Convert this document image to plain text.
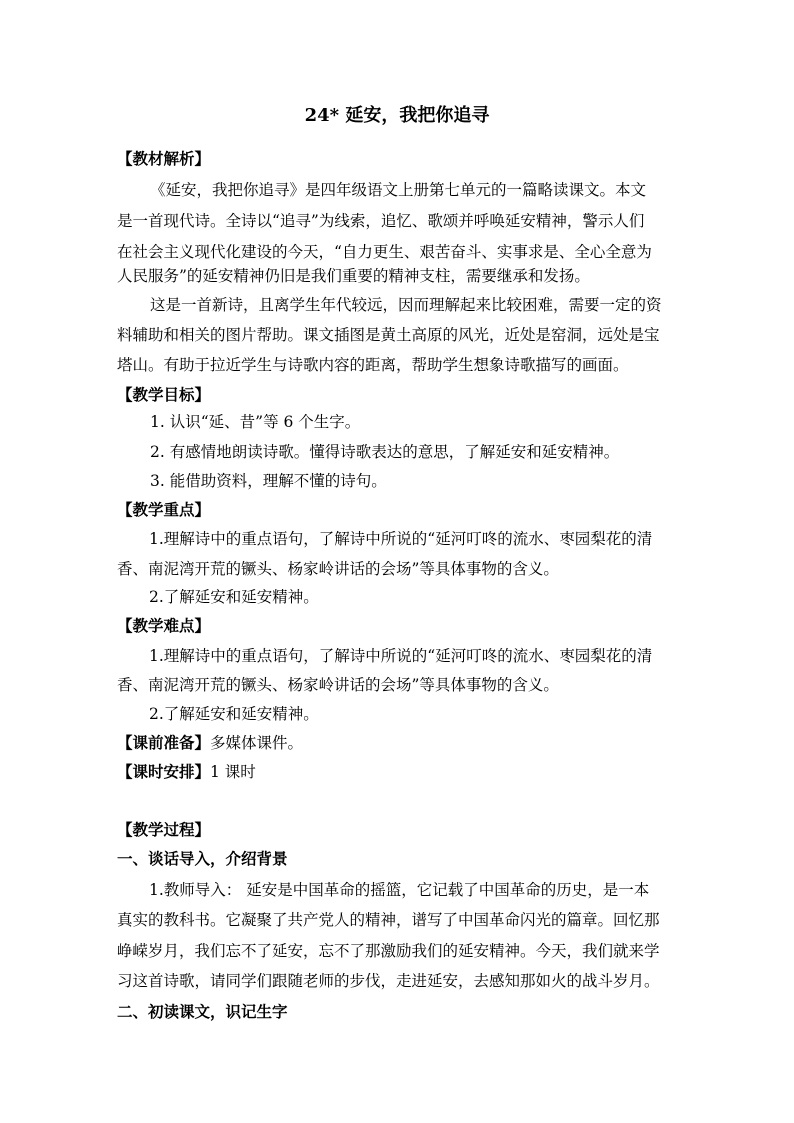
24* 延安，我把你追寻
【教材解析】
《延安，我把你追寻》是四年级语文上册第七单元的一篇略读课文。本文
是一首现代诗。全诗以“追寻”为线索，追忆、歌颂并呼唤延安精神，警示人们
在社会主义现代化建设的今天，“自力更生、艰苦奋斗、实事求是、全心全意为
人民服务”的延安精神仍旧是我们重要的精神支柱，需要继承和发扬。
这是一首新诗，且离学生年代较远，因而理解起来比较困难，需要一定的资
料辅助和相关的图片帮助。课文插图是黄土高原的风光，近处是窑洞，远处是宝
塔山。有助于拉近学生与诗歌内容的距离，帮助学生想象诗歌描写的画面。
【教学目标】
1. 认识“延、昔”等 6 个生字。
2. 有感情地朗读诗歌。懂得诗歌表达的意思，了解延安和延安精神。
3. 能借助资料，理解不懂的诗句。
【教学重点】
1.理解诗中的重点语句，了解诗中所说的“延河叮咚的流水、枣园梨花的清
香、南泥湾开荒的镢头、杨家岭讲话的会场”等具体事物的含义。
2.了解延安和延安精神。
【教学难点】
1.理解诗中的重点语句，了解诗中所说的“延河叮咚的流水、枣园梨花的清
香、南泥湾开荒的镢头、杨家岭讲话的会场”等具体事物的含义。
2.了解延安和延安精神。
【课前准备】多媒体课件。
【课时安排】1 课时
【教学过程】
一、谈话导入，介绍背景
1.教师导入： 延安是中国革命的摇篮，它记载了中国革命的历史，是一本
真实的教科书。它凝聚了共产党人的精神，谱写了中国革命闪光的篇章。回忆那
峥嵘岁月，我们忘不了延安，忘不了那激励我们的延安精神。今天，我们就来学
习这首诗歌，请同学们跟随老师的步伐，走进延安，去感知那如火的战斗岁月。
二、初读课文，识记生字
